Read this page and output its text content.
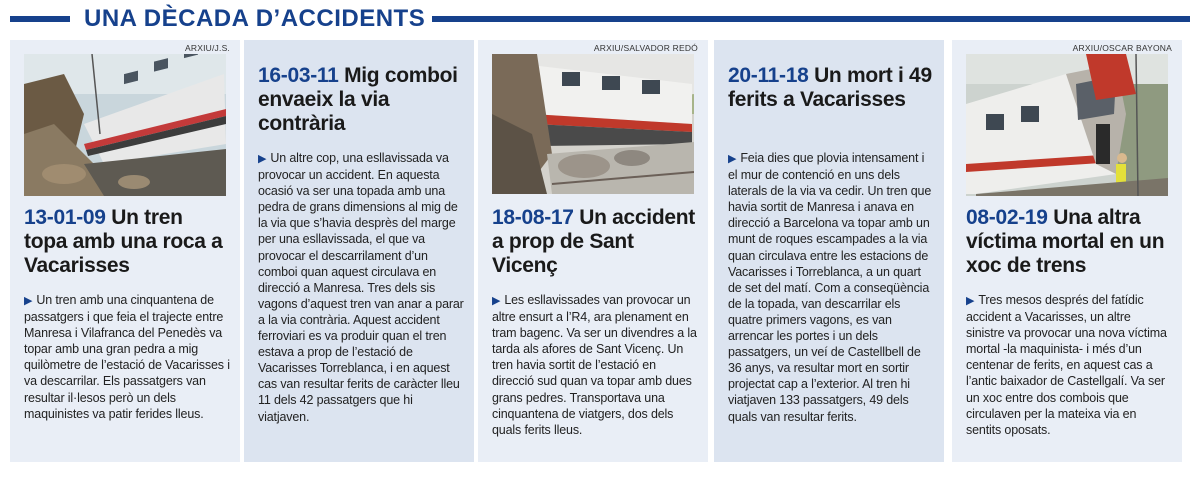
UNA DÈCADA D’ACCIDENTS
ARXIU/J.S.
13-01-09 Un tren topa amb una roca a Vacarisses
▶ Un tren amb una cinquantena de passatgers i que feia el trajecte entre Manresa i Vilafranca del Penedès va topar amb una gran pedra a mig quilòmetre de l’estació de Vacarisses i va descarrilar. Els passatgers van resultar il·lesos però un dels maquinistes va patir ferides lleus.
16-03-11 Mig comboi envaeix la via contrària
▶ Un altre cop, una esllavissada va provocar un accident. En aquesta ocasió va ser una topada amb una pedra de grans dimensions al mig de la via que s’havia desprès del marge per una esllavissada, el que va provocar el descarrilament d’un comboi quan aquest circulava en direcció a Manresa. Tres dels sis vagons d’aquest tren van anar a parar a la via contrària. Aquest accident ferroviari es va produir quan el tren estava a prop de l’estació de Vacarisses Torreblanca, i en aquest cas van resultar ferits de caràcter lleu 11 dels 42 passatgers que hi viatjaven.
ARXIU/SALVADOR REDÓ
18-08-17 Un accident a prop de Sant Vicenç
▶ Les esllavissades van provocar un altre ensurt a l’R4, ara plenament en tram bagenc. Va ser un divendres a la tarda als afores de Sant Vicenç. Un tren havia sortit de l’estació en direcció sud quan va topar amb dues grans pedres. Transportava una cinquantena de viatgers, dos dels quals ferits lleus.
20-11-18 Un mort i 49 ferits a Vacarisses
▶ Feia dies que plovia intensament i el mur de contenció en uns dels laterals de la via va cedir. Un tren que havia sortit de Manresa i anava en direcció a Barcelona va topar amb un munt de roques escampades a la via quan circulava entre les estacions de Vacarisses i Torreblanca, a un quart de set del matí. Com a conseqüència de la topada, van descarrilar els quatre primers vagons, es van arrencar les portes i un dels passatgers, un veí de Castellbell de 36 anys, va resultar mort en sortir projectat cap a l’exterior. Al tren hi viatjaven 133 passatgers, 49 dels quals van resultar ferits.
ARXIU/OSCAR BAYONA
08-02-19 Una altra víctima mortal en un xoc de trens
▶ Tres mesos després del fatídic accident a Vacarisses, un altre sinistre va provocar una nova víctima mortal -la maquinista- i més d’un centenar de ferits, en aquest cas a l’antic baixador de Castellgalí. Va ser un xoc entre dos combois que circulaven per la mateixa via en sentits oposats.
